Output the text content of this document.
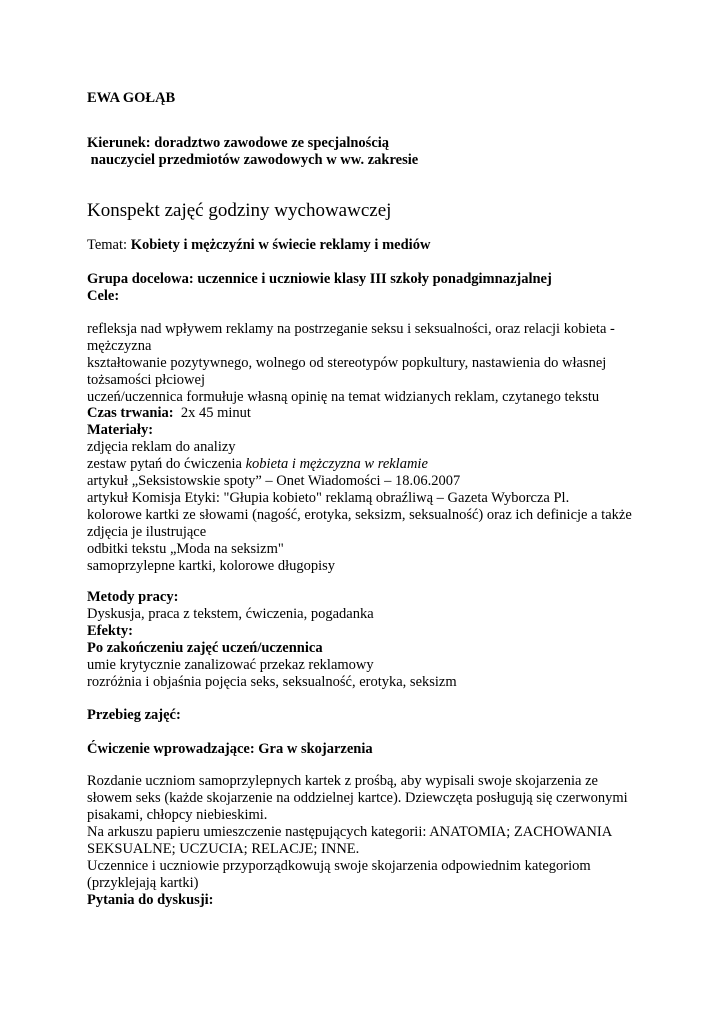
EWA GOŁĄB

Kierunek: doradztwo zawodowe ze specjalnością
nauczyciel przedmiotów zawodowych w ww. zakresie

Konspekt zajęć godziny wychowawczej

Temat: Kobiety i mężczyźni w świecie reklamy i mediów

Grupa docelowa: uczennice i uczniowie klasy III szkoły ponadgimnazjalnej

Cele:

refleksja nad wpływem reklamy na postrzeganie seksu i seksualności, oraz relacji kobieta - mężczyzna
kształtowanie pozytywnego, wolnego od stereotypów popkultury, nastawienia do własnej tożsamości płciowej
uczeń/uczennica formułuje własną opinię na temat widzianych reklam, czytanego tekstu

Czas trwania:  2x 45 minut

Materiały:
zdjęcia reklam do analizy
zestaw pytań do ćwiczenia kobieta i mężczyzna w reklamie
artykuł „Seksistowskie spoty” – Onet Wiadomości – 18.06.2007
artykuł Komisja Etyki: "Głupia kobieto" reklamą obraźliwą – Gazeta Wyborcza Pl.
kolorowe kartki ze słowami (nagość, erotyka, seksizm, seksualność) oraz ich definicje a także zdjęcia je ilustrujące
odbitki tekstu „Moda na seksizm"
samoprzylepne kartki, kolorowe długopisy
Metody pracy:
Dyskusja, praca z tekstem, ćwiczenia, pogadanka
Efekty:
Po zakończeniu zajęć uczeń/uczennica
umie krytycznie zanalizować przekaz reklamowy
rozróżnia i objaśnia pojęcia seks, seksualność, erotyka, seksizm

Przebieg zajęć:

Ćwiczenie wprowadzające: Gra w skojarzenia

Rozdanie uczniom samoprzylepnych kartek z prośbą, aby wypisali swoje skojarzenia ze słowem seks (każde skojarzenie na oddzielnej kartce). Dziewczęta posługują się czerwonymi pisakami, chłopcy niebieskimi.
Na arkuszu papieru umieszczenie następujących kategorii: ANATOMIA; ZACHOWANIA SEKSUALNE; UCZUCIA; RELACJE; INNE.
Uczennice i uczniowie przyporządkowują swoje skojarzenia odpowiednim kategoriom (przyklejają kartki)
Pytania do dyskusji:
